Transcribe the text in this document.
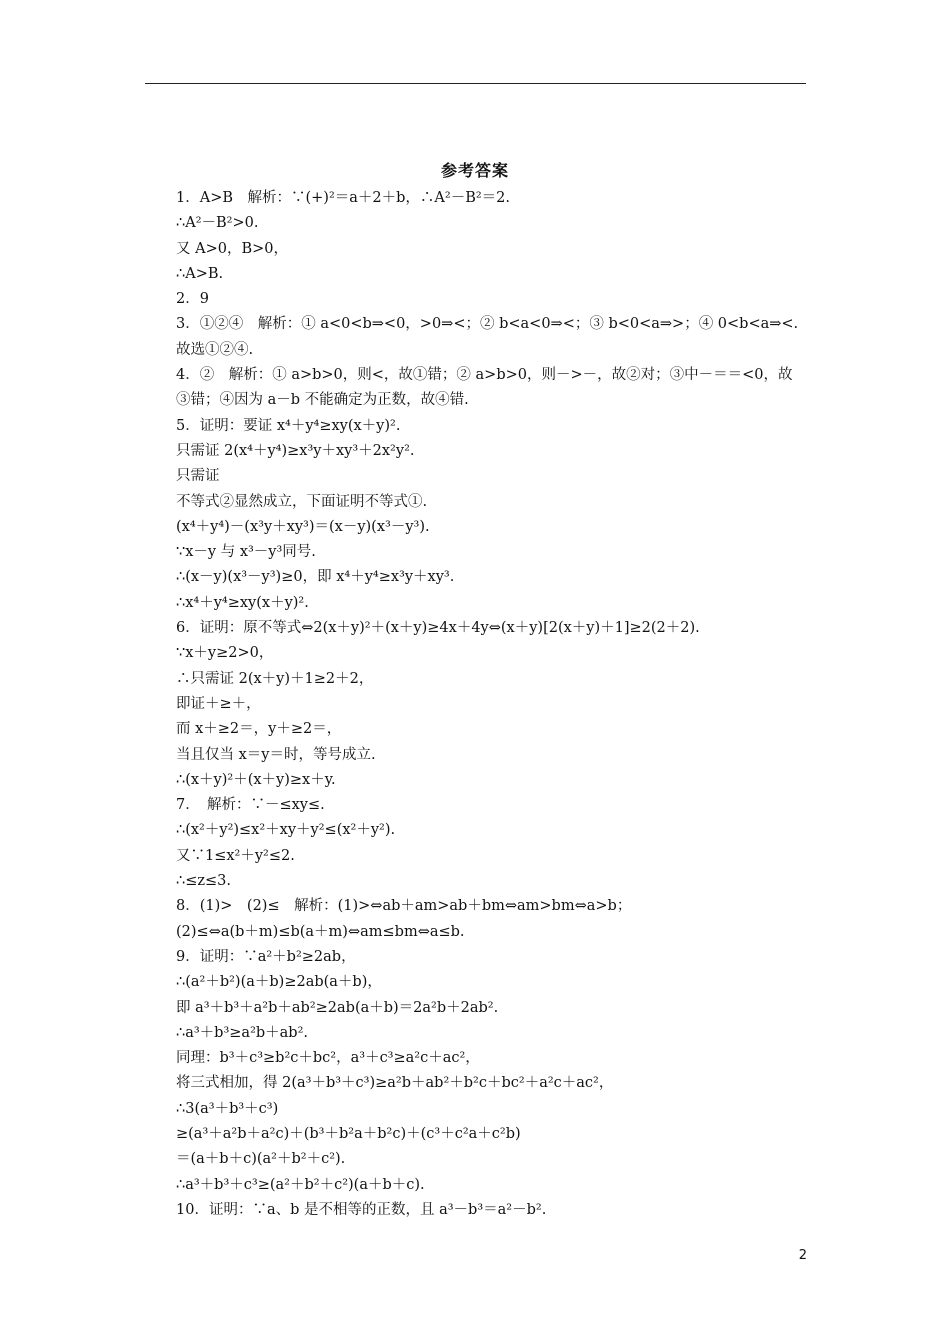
参考答案
1．A>B　解析：∵(+)²＝a＋2＋b，∴A²－B²＝2.
∴A²－B²>0.
又 A>0，B>0，
∴A>B.
2．9
3．①②④　解析：① a<0<b⇒<0，>0⇒<；② b<a<0⇒<；③ b<0<a⇒>；④ 0<b<a⇒<. 故选①②④.
4．②　解析：① a>b>0，则<，故①错；② a>b>0，则－>－，故②对；③中－＝＝<0，故③错；④因为 a－b 不能确定为正数，故④错.
5．证明：要证 x⁴＋y⁴≥xy(x＋y)².
只需证 2(x⁴＋y⁴)≥x³y＋xy³＋2x²y².
只需证
不等式②显然成立，下面证明不等式①.
(x⁴＋y⁴)－(x³y＋xy³)＝(x－y)(x³－y³).
∵x－y 与 x³－y³同号.
∴(x－y)(x³－y³)≥0，即 x⁴＋y⁴≥x³y＋xy³.
∴x⁴＋y⁴≥xy(x＋y)².
6．证明：原不等式⇔2(x＋y)²＋(x＋y)≥4x＋4y⇔(x＋y)[2(x＋y)＋1]≥2(2＋2).
∵x＋y≥2>0，
∴只需证 2(x＋y)＋1≥2＋2，
即证＋≥＋，
而 x＋≥2＝，y＋≥2＝，
当且仅当 x＝y＝时，等号成立.
∴(x＋y)²＋(x＋y)≥x＋y.
7．　解析：∵－≤xy≤.
∴(x²＋y²)≤x²＋xy＋y²≤(x²＋y²).
又∵1≤x²＋y²≤2.
∴≤z≤3.
8．(1)>　(2)≤　解析：(1)>⇔ab＋am>ab＋bm⇔am>bm⇔a>b；
(2)≤⇔a(b＋m)≤b(a＋m)⇔am≤bm⇔a≤b.
9．证明：∵a²＋b²≥2ab，
∴(a²＋b²)(a＋b)≥2ab(a＋b)，
即 a³＋b³＋a²b＋ab²≥2ab(a＋b)＝2a²b＋2ab².
∴a³＋b³≥a²b＋ab².
同理：b³＋c³≥b²c＋bc²，a³＋c³≥a²c＋ac²，
将三式相加，得 2(a³＋b³＋c³)≥a²b＋ab²＋b²c＋bc²＋a²c＋ac²，
∴3(a³＋b³＋c³)
≥(a³＋a²b＋a²c)＋(b³＋b²a＋b²c)＋(c³＋c²a＋c²b)
＝(a＋b＋c)(a²＋b²＋c²).
∴a³＋b³＋c³≥(a²＋b²＋c²)(a＋b＋c).
10．证明：∵a、b 是不相等的正数，且 a³－b³＝a²－b².
2
